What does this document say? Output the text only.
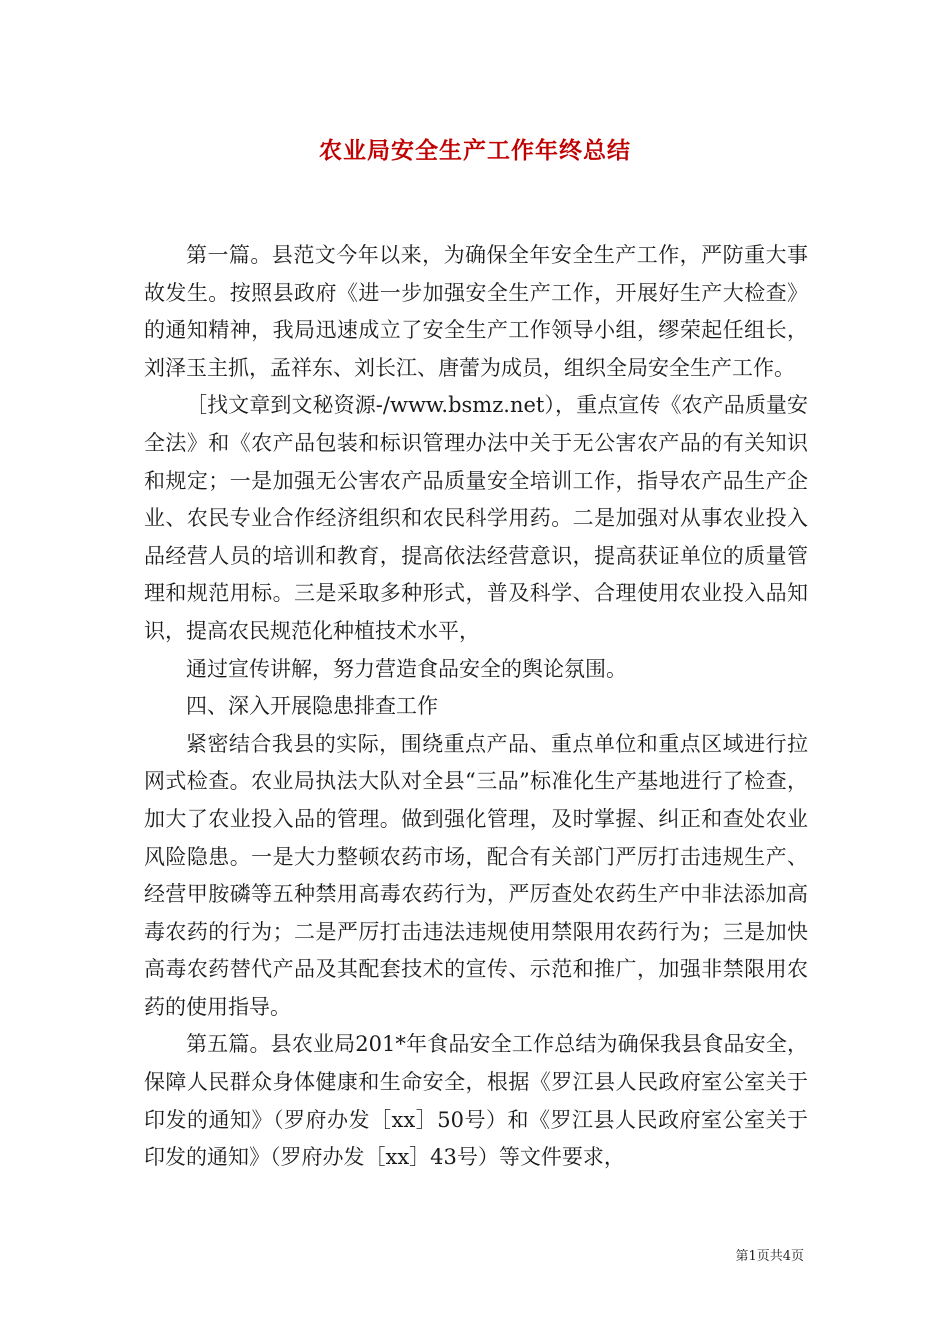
农业局安全生产工作年终总结

第一篇。县范文今年以来，为确保全年安全生产工作，严防重大事故发生。按照县政府《进一步加强安全生产工作，开展好生产大检查》的通知精神，我局迅速成立了安全生产工作领导小组，缪荣起任组长，刘泽玉主抓，孟祥东、刘长江、唐蕾为成员，组织全局安全生产工作。

［找文章到文秘资源-/www.bsmz.net），重点宣传《农产品质量安全法》和《农产品包装和标识管理办法中关于无公害农产品的有关知识和规定；一是加强无公害农产品质量安全培训工作，指导农产品生产企业、农民专业合作经济组织和农民科学用药。二是加强对从事农业投入品经营人员的培训和教育，提高依法经营意识，提高获证单位的质量管理和规范用标。三是采取多种形式，普及科学、合理使用农业投入品知识，提高农民规范化种植技术水平，

通过宣传讲解，努力营造食品安全的舆论氛围。

四、深入开展隐患排查工作

紧密结合我县的实际，围绕重点产品、重点单位和重点区域进行拉网式检查。农业局执法大队对全县“三品”标准化生产基地进行了检查，加大了农业投入品的管理。做到强化管理，及时掌握、纠正和查处农业风险隐患。一是大力整顿农药市场，配合有关部门严厉打击违规生产、经营甲胺磷等五种禁用高毒农药行为，严厉查处农药生产中非法添加高毒农药的行为；二是严厉打击违法违规使用禁限用农药行为；三是加快高毒农药替代产品及其配套技术的宣传、示范和推广，加强非禁限用农药的使用指导。

第五篇。县农业局201*年食品安全工作总结为确保我县食品安全，保障人民群众身体健康和生命安全，根据《罗江县人民政府室公室关于印发的通知》（罗府办发［xx］50号）和《罗江县人民政府室公室关于印发的通知》（罗府办发［xx］43号）等文件要求，

第1页共4页
